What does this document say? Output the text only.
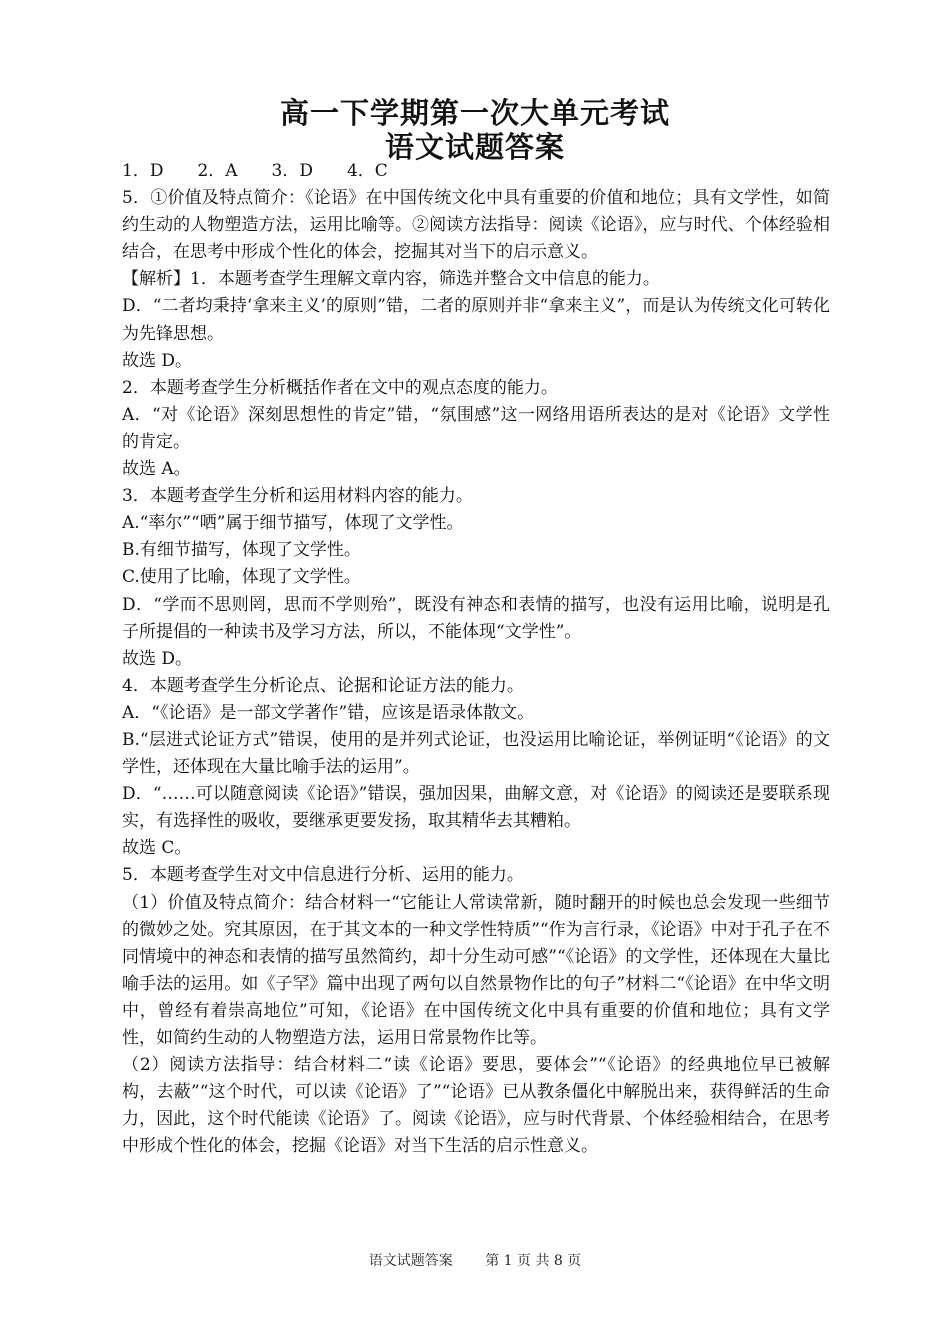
高一下学期第一次大单元考试
语文试题答案

1．D　　2．A　　3．D　　4．C

5．①价值及特点简介：《论语》在中国传统文化中具有重要的价值和地位；具有文学性，如简约生动的人物塑造方法，运用比喻等。②阅读方法指导：阅读《论语》，应与时代、个体经验相结合，在思考中形成个性化的体会，挖掘其对当下的启示意义。

【解析】1．本题考查学生理解文章内容，筛选并整合文中信息的能力。

D．“二者均秉持‘拿来主义’的原则”错，二者的原则并非“拿来主义”，而是认为传统文化可转化为先锋思想。

故选 D。

2．本题考查学生分析概括作者在文中的观点态度的能力。

A．“对《论语》深刻思想性的肯定”错，“氛围感”这一网络用语所表达的是对《论语》文学性的肯定。

故选 A。

3．本题考查学生分析和运用材料内容的能力。

A.“率尔”“哂”属于细节描写，体现了文学性。

B.有细节描写，体现了文学性。

C.使用了比喻，体现了文学性。

D．“学而不思则罔，思而不学则殆”，既没有神态和表情的描写，也没有运用比喻，说明是孔子所提倡的一种读书及学习方法，所以，不能体现“文学性”。

故选 D。

4．本题考查学生分析论点、论据和论证方法的能力。

A．“《论语》是一部文学著作”错，应该是语录体散文。

B.“层进式论证方式”错误，使用的是并列式论证，也没运用比喻论证，举例证明“《论语》的文学性，还体现在大量比喻手法的运用”。

D．“……可以随意阅读《论语》”错误，强加因果，曲解文意，对《论语》的阅读还是要联系现实，有选择性的吸收，要继承更要发扬，取其精华去其糟粕。

故选 C。

5．本题考查学生对文中信息进行分析、运用的能力。

（1）价值及特点简介：结合材料一“它能让人常读常新，随时翻开的时候也总会发现一些细节的微妙之处。究其原因，在于其文本的一种文学性特质”“作为言行录，《论语》中对于孔子在不同情境中的神态和表情的描写虽然简约，却十分生动可感”“《论语》的文学性，还体现在大量比喻手法的运用。如《子罕》篇中出现了两句以自然景物作比的句子”材料二“《论语》在中华文明中，曾经有着崇高地位”可知，《论语》在中国传统文化中具有重要的价值和地位；具有文学性，如简约生动的人物塑造方法，运用日常景物作比等。

（2）阅读方法指导：结合材料二“读《论语》要思，要体会”“《论语》的经典地位早已被解构，去蔽”“这个时代，可以读《论语》了”“论语》已从教条僵化中解脱出来，获得鲜活的生命力，因此，这个时代能读《论语》了。阅读《论语》，应与时代背景、个体经验相结合，在思考中形成个性化的体会，挖掘《论语》对当下生活的启示性意义。

语文试题答案 第 1 页 共 8 页
